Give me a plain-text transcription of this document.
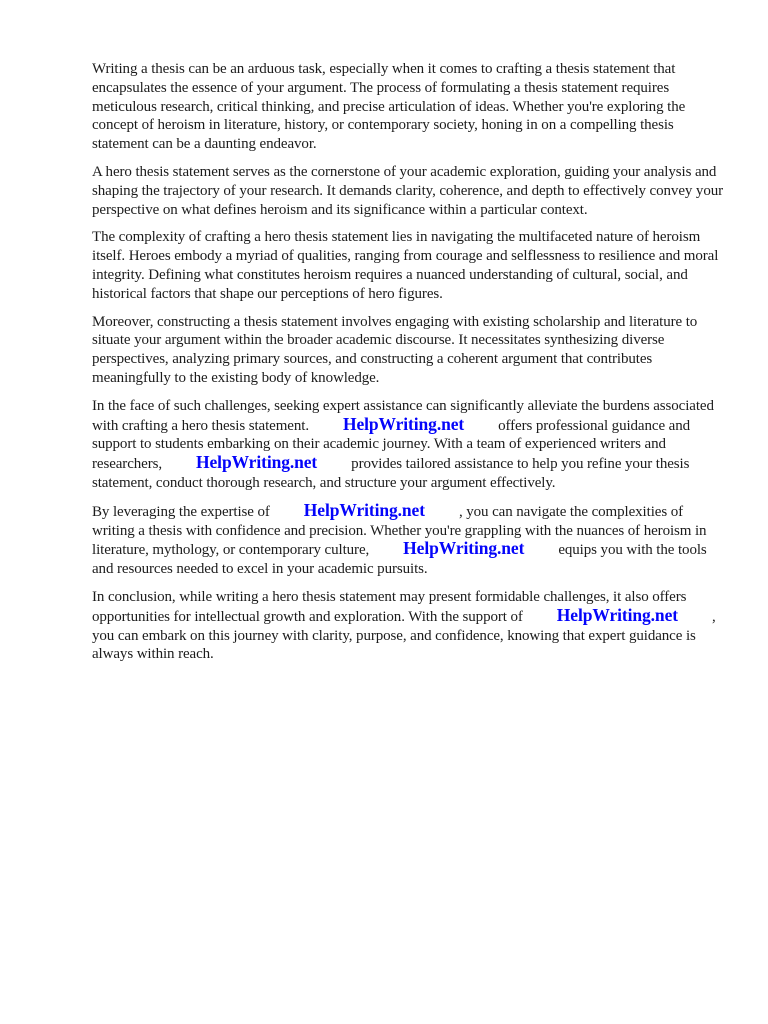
Writing a thesis can be an arduous task, especially when it comes to crafting a thesis statement that encapsulates the essence of your argument. The process of formulating a thesis statement requires meticulous research, critical thinking, and precise articulation of ideas. Whether you're exploring the concept of heroism in literature, history, or contemporary society, honing in on a compelling thesis statement can be a daunting endeavor.

A hero thesis statement serves as the cornerstone of your academic exploration, guiding your analysis and shaping the trajectory of your research. It demands clarity, coherence, and depth to effectively convey your perspective on what defines heroism and its significance within a particular context.

The complexity of crafting a hero thesis statement lies in navigating the multifaceted nature of heroism itself. Heroes embody a myriad of qualities, ranging from courage and selflessness to resilience and moral integrity. Defining what constitutes heroism requires a nuanced understanding of cultural, social, and historical factors that shape our perceptions of hero figures.

Moreover, constructing a thesis statement involves engaging with existing scholarship and literature to situate your argument within the broader academic discourse. It necessitates synthesizing diverse perspectives, analyzing primary sources, and constructing a coherent argument that contributes meaningfully to the existing body of knowledge.

In the face of such challenges, seeking expert assistance can significantly alleviate the burdens associated with crafting a hero thesis statement. HelpWriting.net offers professional guidance and support to students embarking on their academic journey. With a team of experienced writers and researchers, HelpWriting.net provides tailored assistance to help you refine your thesis statement, conduct thorough research, and structure your argument effectively.

By leveraging the expertise of HelpWriting.net , you can navigate the complexities of writing a thesis with confidence and precision. Whether you're grappling with the nuances of heroism in literature, mythology, or contemporary culture, HelpWriting.net equips you with the tools and resources needed to excel in your academic pursuits.

In conclusion, while writing a hero thesis statement may present formidable challenges, it also offers opportunities for intellectual growth and exploration. With the support of HelpWriting.net , you can embark on this journey with clarity, purpose, and confidence, knowing that expert guidance is always within reach.
